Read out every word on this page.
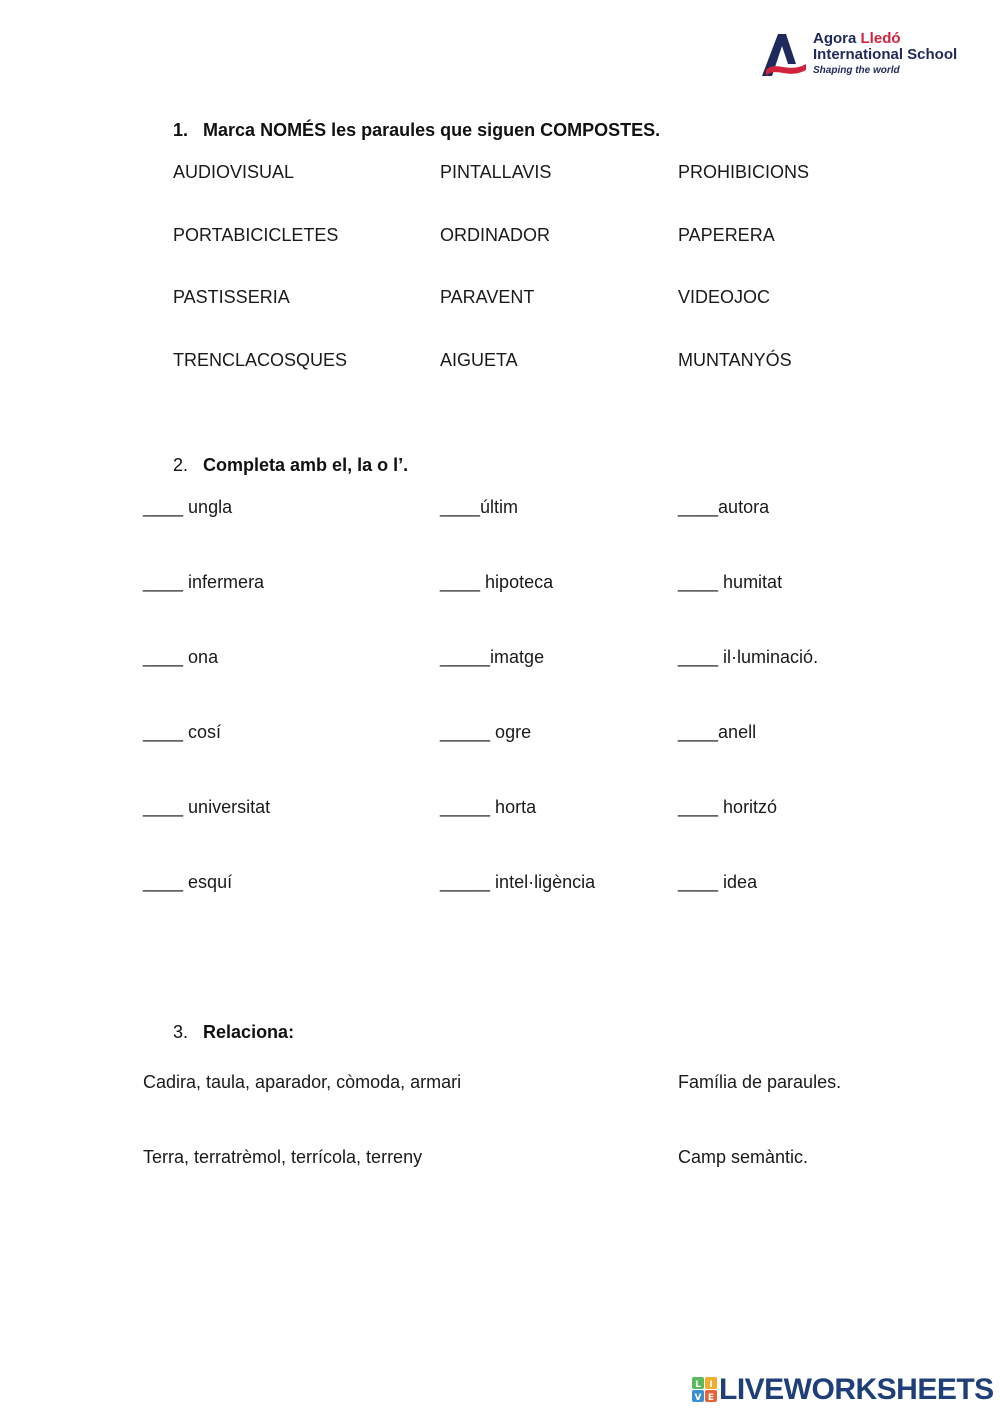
Agora Lledó
International School
Shaping the world
1. Marca NOMÉS les paraules que siguen COMPOSTES.
AUDIOVISUAL	PINTALLAVIS	PROHIBICIONS
PORTABICICLETES	ORDINADOR	PAPERERA
PASTISSERIA	PARAVENT	VIDEOJOC
TRENCLACOSQUES	AIGUETA	MUNTANYÓS
2. Completa amb el, la o l’.
____ ungla	____últim	____autora
____ infermera	____ hipoteca	____ humitat
____ ona	_____imatge	____ il·luminació.
____ cosí	_____ ogre	____anell
____ universitat	_____ horta	____ horitzó
____ esquí	_____ intel·ligència	____ idea
3. Relaciona:
Cadira, taula, aparador, còmoda, armari	Família de paraules.
Terra, terratrèmol, terrícola, terreny	Camp semàntic.
L I
V E LIVEWORKSHEETS
